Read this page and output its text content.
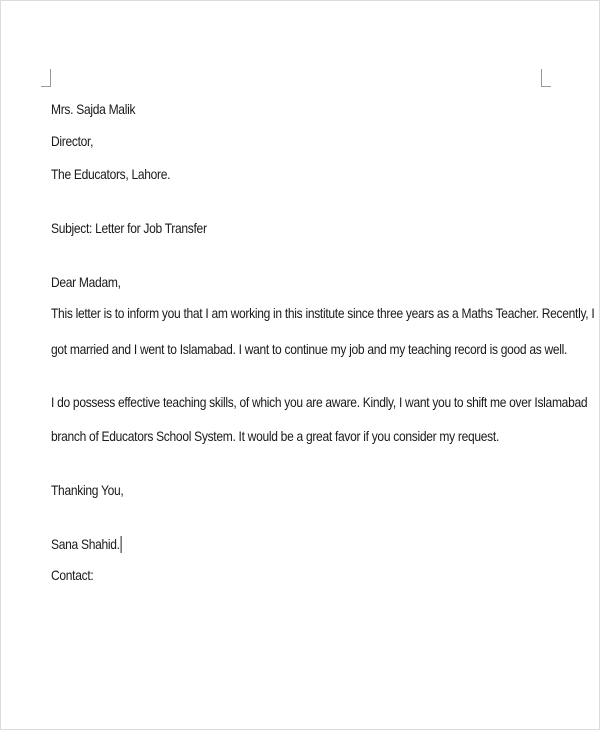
Mrs. Sajda Malik
Director,
The Educators, Lahore.
Subject: Letter for Job Transfer
Dear Madam,
This letter is to inform you that I am working in this institute since three years as a Maths Teacher. Recently, I
got married and I went to Islamabad. I want to continue my job and my teaching record is good as well.
I do possess effective teaching skills, of which you are aware. Kindly, I want you to shift me over Islamabad
branch of Educators School System. It would be a great favor if you consider my request.
Thanking You,
Sana Shahid.
Contact:
